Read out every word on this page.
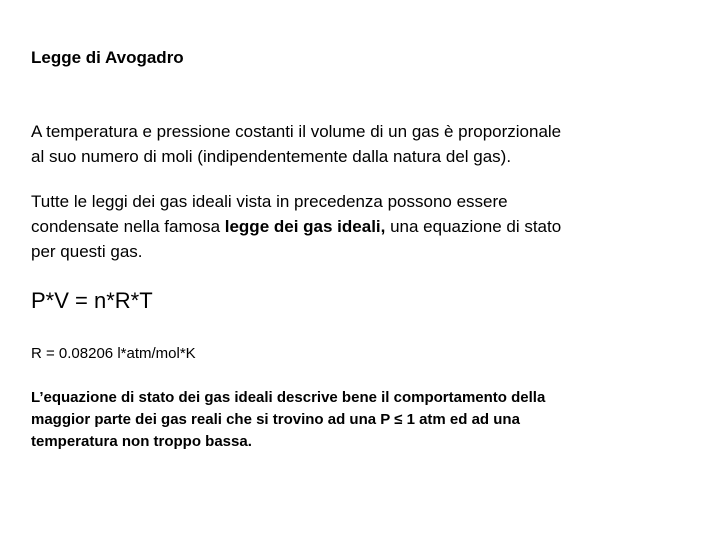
Legge di Avogadro
A temperatura e pressione costanti il volume di un gas è proporzionale
al suo numero di moli (indipendentemente dalla natura del gas).
Tutte le leggi dei gas ideali vista in precedenza possono essere
condensate nella famosa legge dei gas ideali, una equazione di stato
per questi gas.
P*V = n*R*T
R = 0.08206 l*atm/mol*K
L’equazione di stato dei gas ideali descrive bene il comportamento della
maggior parte dei gas reali che si trovino ad una P ≤ 1 atm ed ad una
temperatura non troppo bassa.
